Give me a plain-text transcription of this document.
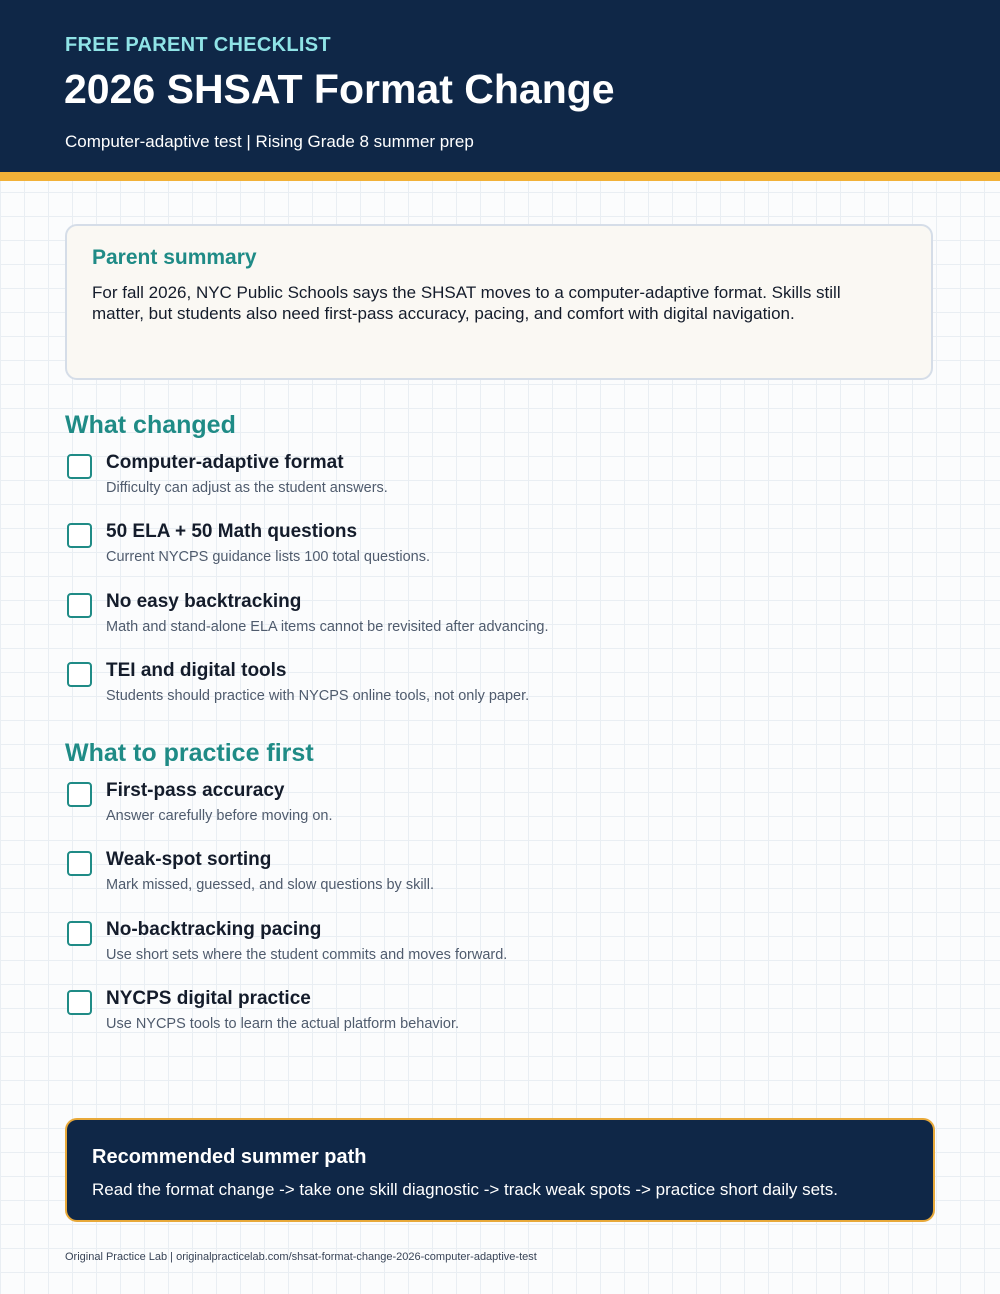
FREE PARENT CHECKLIST
2026 SHSAT Format Change
Computer-adaptive test | Rising Grade 8 summer prep
Parent summary
For fall 2026, NYC Public Schools says the SHSAT moves to a computer-adaptive format. Skills still matter, but students also need first-pass accuracy, pacing, and comfort with digital navigation.
What changed
Computer-adaptive format
Difficulty can adjust as the student answers.
50 ELA + 50 Math questions
Current NYCPS guidance lists 100 total questions.
No easy backtracking
Math and stand-alone ELA items cannot be revisited after advancing.
TEI and digital tools
Students should practice with NYCPS online tools, not only paper.
What to practice first
First-pass accuracy
Answer carefully before moving on.
Weak-spot sorting
Mark missed, guessed, and slow questions by skill.
No-backtracking pacing
Use short sets where the student commits and moves forward.
NYCPS digital practice
Use NYCPS tools to learn the actual platform behavior.
Recommended summer path
Read the format change -> take one skill diagnostic -> track weak spots -> practice short daily sets.
Original Practice Lab | originalpracticelab.com/shsat-format-change-2026-computer-adaptive-test
